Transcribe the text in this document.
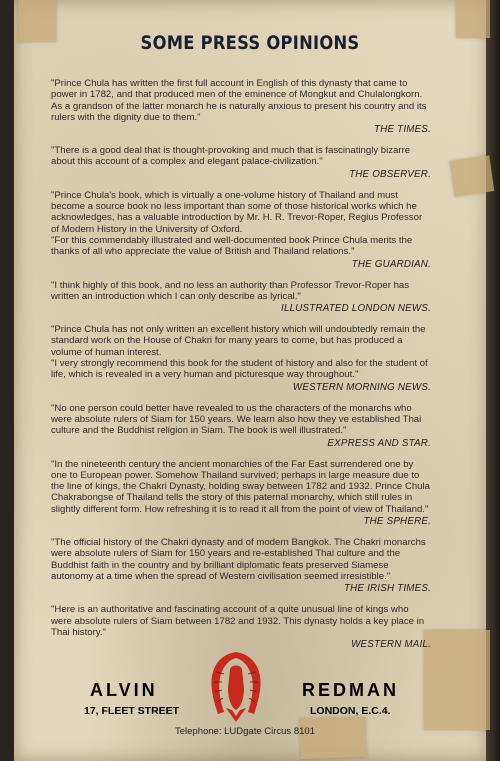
SOME PRESS OPINIONS

"Prince Chula has written the first full account in English of this dynasty that came to power in 1782, and that produced men of the eminence of Mongkut and Chulalongkorn. As a grandson of the latter monarch he is naturally anxious to present his country and its rulers with the dignity due to them."

THE TIMES.

"There is a good deal that is thought-provoking and much that is fascinatingly bizarre about this account of a complex and elegant palace-civilization."

THE OBSERVER.

"Prince Chula's book, which is virtually a one-volume history of Thailand and must become a source book no less important than some of those historical works which he acknowledges, has a valuable introduction by Mr. H. R. Trevor-Roper, Regius Professor of Modern History in the University of Oxford.

"For this commendably illustrated and well-documented book Prince Chula merits the thanks of all who appreciate the value of British and Thailand relations."

THE GUARDIAN.

"I think highly of this book, and no less an authority than Professor Trevor-Roper has written an introduction which I can only describe as lyrical."

ILLUSTRATED LONDON NEWS.

"Prince Chula has not only written an excellent history which will undoubtedly remain the standard work on the House of Chakri for many years to come, but has produced a volume of human interest.

"I very strongly recommend this book for the student of history and also for the student of life, which is revealed in a very human and picturesque way throughout."

WESTERN MORNING NEWS.

"No one person could better have revealed to us the characters of the monarchs who were absolute rulers of Siam for 150 years. We learn also how they ve established Thai culture and the Buddhist religion in Siam. The book is well illustrated."

EXPRESS AND STAR.

"In the nineteenth century the ancient monarchies of the Far East surrendered one by one to European power. Somehow Thailand survived; perhaps in large measure due to the line of kings, the Chakri Dynasty, holding sway between 1782 and 1932. Prince Chula Chakrabongse of Thailand tells the story of this paternal monarchy, which still rules in slightly different form. How refreshing it is to read it all from the point of view of Thailand."

THE SPHERE.

"The official history of the Chakri dynasty and of modern Bangkok. The Chakri monarchs were absolute rulers of Siam for 150 years and re-established Thai culture and the Buddhist faith in the country and by brilliant diplomatic feats preserved Siamese autonomy at a time when the spread of Western civilisation seemed irresistible."

THE IRISH TIMES.

"Here is an authoritative and fascinating account of a quite unusual line of kings who were absolute rulers of Siam between 1782 and 1932. This dynasty holds a key place in Thai history."

WESTERN MAIL.
ALVIN
17, FLEET STREET
REDMAN
LONDON, E.C.4.
Telephone: LUDgate Circus 8101
